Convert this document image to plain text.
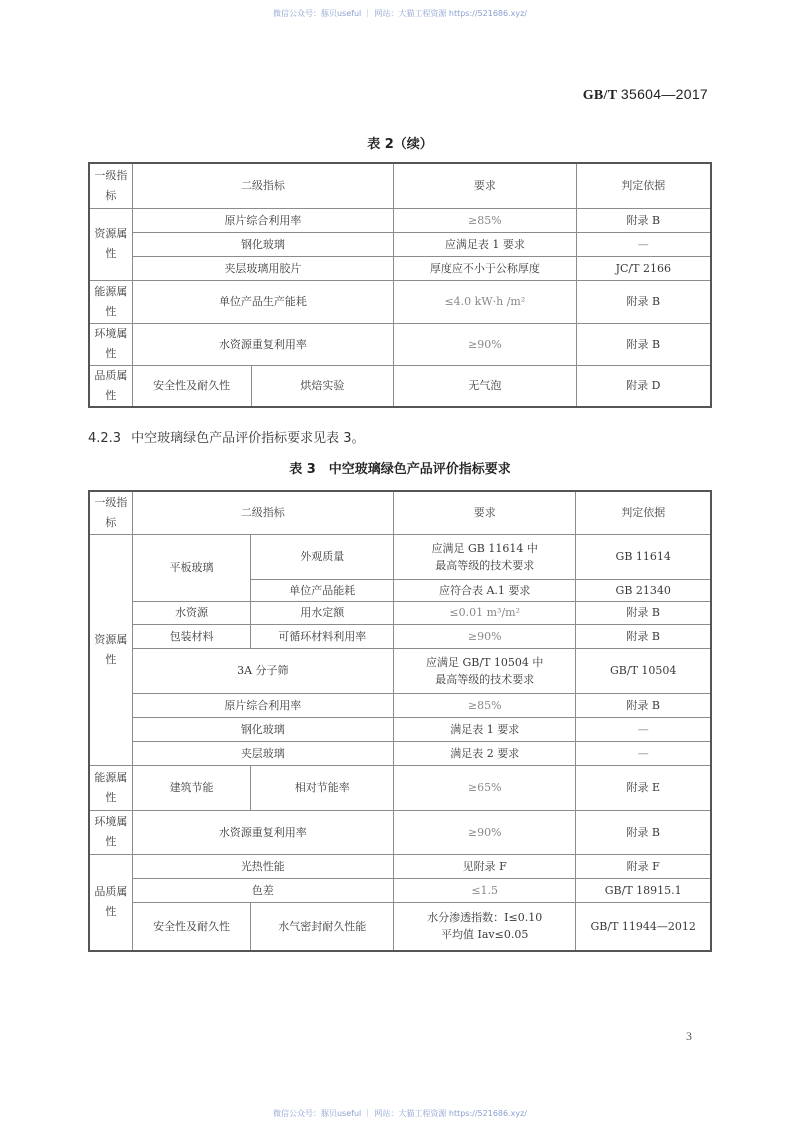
微信公众号：豚贝useful ｜ 网站：大猫工程资源 https://521686.xyz/
GB/T 35604—2017
表 2（续）
一级指标	二级指标		要求	判定依据
资源属性	原片综合利用率		≥85%	附录 B
	钢化玻璃		应满足表 1 要求	—
	夹层玻璃用胶片		厚度应不小于公称厚度	JC/T 2166
能源属性	单位产品生产能耗		≤4.0 kW·h /m²	附录 B
环境属性	水资源重复利用率		≥90%	附录 B
品质属性	安全性及耐久性	烘焙实验	无气泡	附录 D
4.2.3 中空玻璃绿色产品评价指标要求见表 3。
表 3　中空玻璃绿色产品评价指标要求
一级指标	二级指标		要求	判定依据
资源属性	平板玻璃	外观质量	应满足 GB 11614 中
最高等级的技术要求	GB 11614
		单位产品能耗	应符合表 A.1 要求	GB 21340
	水资源	用水定额	≤0.01 m³/m²	附录 B
	包装材料	可循环材料利用率	≥90%	附录 B
	3A 分子筛		应满足 GB/T 10504 中
最高等级的技术要求	GB/T 10504
	原片综合利用率		≥85%	附录 B
	钢化玻璃		满足表 1 要求	—
	夹层玻璃		满足表 2 要求	—
能源属性	建筑节能	相对节能率	≥65%	附录 E
环境属性	水资源重复利用率		≥90%	附录 B
品质属性	光热性能		见附录 F	附录 F
	色差		≤1.5	GB/T 18915.1
	安全性及耐久性	水气密封耐久性能	水分渗透指数：I≤0.10
平均值 Iav≤0.05	GB/T 11944—2012
3
微信公众号：豚贝useful ｜ 网站：大猫工程资源 https://521686.xyz/
